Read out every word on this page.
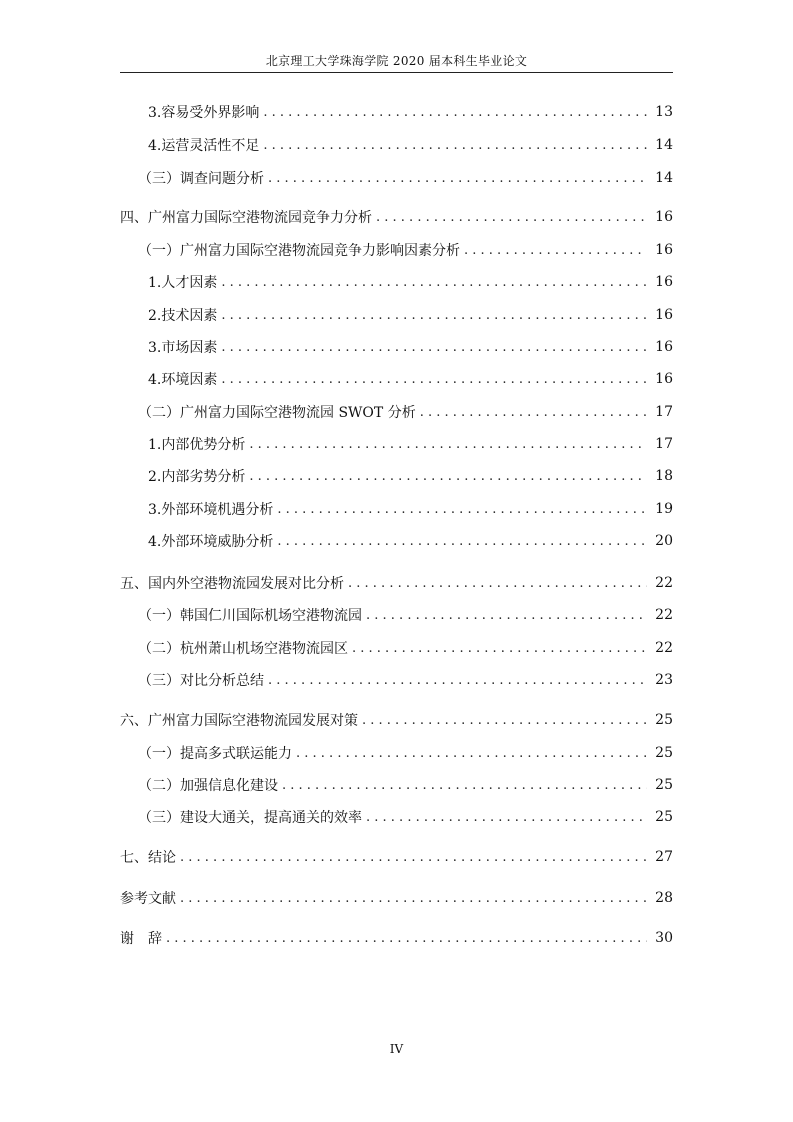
北京理工大学珠海学院 2020 届本科生毕业论文
3.容易受外界影响 . . .	13
4.运营灵活性不足 . . .	14
（三）调查问题分析 . . .	14
四、广州富力国际空港物流园竞争力分析 . . .	16
（一）广州富力国际空港物流园竞争力影响因素分析 . . .	16
1.人才因素 . . .	16
2.技术因素 . . .	16
3.市场因素 . . .	16
4.环境因素 . . .	16
（二）广州富力国际空港物流园 SWOT 分析 . . .	17
1.内部优势分析 . . .	17
2.内部劣势分析 . . .	18
3.外部环境机遇分析 . . .	19
4.外部环境威胁分析 . . .	20
五、国内外空港物流园发展对比分析 . . .	22
（一）韩国仁川国际机场空港物流园 . . .	22
（二）杭州萧山机场空港物流园区 . . .	22
（三）对比分析总结 . . .	23
六、广州富力国际空港物流园发展对策 . . .	25
（一）提高多式联运能力 . . .	25
（二）加强信息化建设 . . .	25
（三）建设大通关，提高通关的效率 . . .	25
七、结论 . . .	27
参考文献 . . .	28
谢　辞 . . .	30
IV
